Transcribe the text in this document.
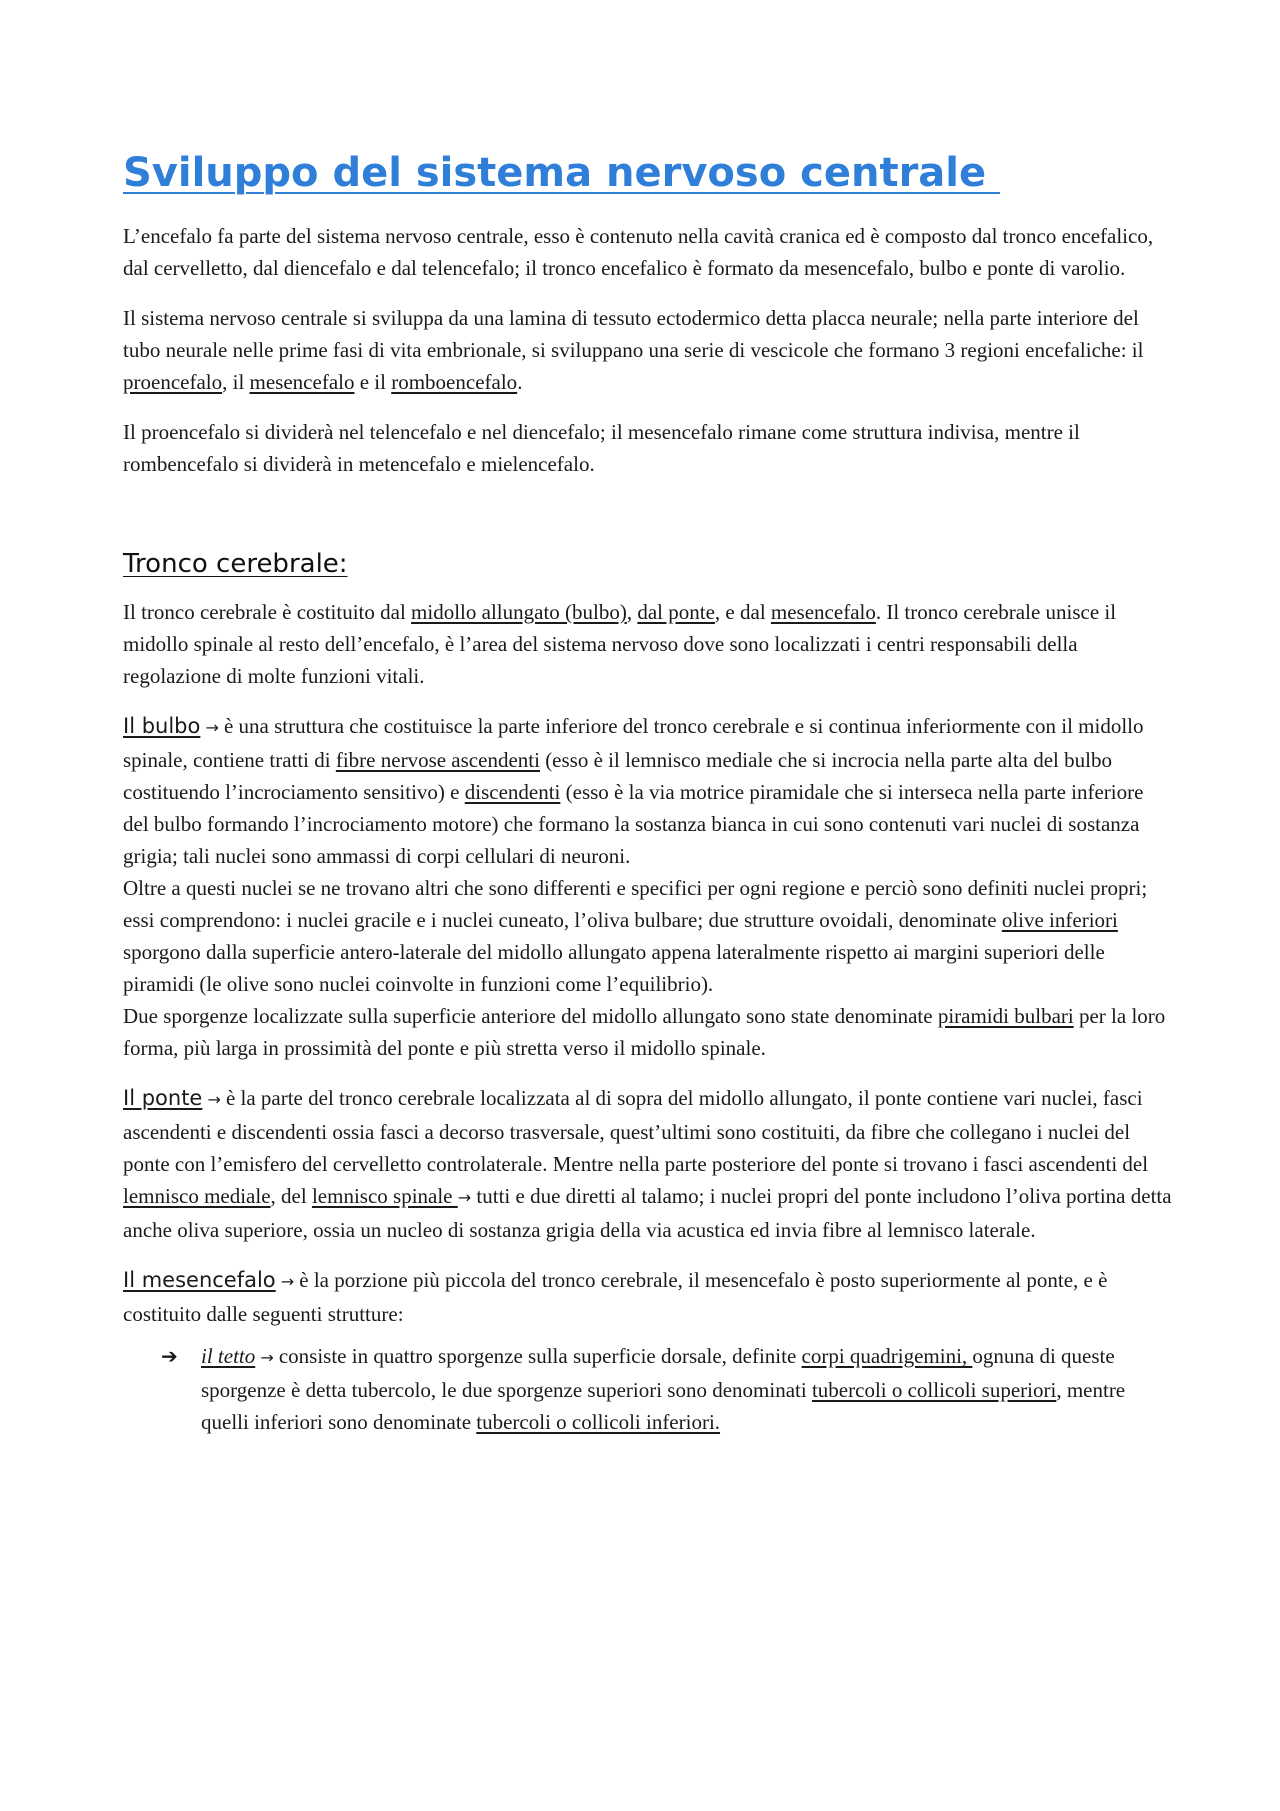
Sviluppo del sistema nervoso centrale

L’encefalo fa parte del sistema nervoso centrale, esso è contenuto nella cavità cranica ed è composto dal tronco encefalico, dal cervelletto, dal diencefalo e dal telencefalo; il tronco encefalico è formato da mesencefalo, bulbo e ponte di varolio.

Il sistema nervoso centrale si sviluppa da una lamina di tessuto ectodermico detta placca neurale; nella parte interiore del tubo neurale nelle prime fasi di vita embrionale, si sviluppano una serie di vescicole che formano 3 regioni encefaliche: il proencefalo, il mesencefalo e il romboencefalo.

Il proencefalo si dividerà nel telencefalo e nel diencefalo; il mesencefalo rimane come struttura indivisa, mentre il rombencefalo si dividerà in metencefalo e mielencefalo.

Tronco cerebrale:

Il tronco cerebrale è costituito dal midollo allungato (bulbo), dal ponte, e dal mesencefalo. Il tronco cerebrale unisce il midollo spinale al resto dell’encefalo, è l’area del sistema nervoso dove sono localizzati i centri responsabili della regolazione di molte funzioni vitali.

Il bulbo → è una struttura che costituisce la parte inferiore del tronco cerebrale e si continua inferiormente con il midollo spinale, contiene tratti di fibre nervose ascendenti (esso è il lemnisco mediale che si incrocia nella parte alta del bulbo costituendo l’incrociamento sensitivo) e discendenti (esso è la via motrice piramidale che si interseca nella parte inferiore del bulbo formando l’incrociamento motore) che formano la sostanza bianca in cui sono contenuti vari nuclei di sostanza grigia; tali nuclei sono ammassi di corpi cellulari di neuroni.

Oltre a questi nuclei se ne trovano altri che sono differenti e specifici per ogni regione e perciò sono definiti nuclei propri; essi comprendono: i nuclei gracile e i nuclei cuneato, l’oliva bulbare; due strutture ovoidali, denominate olive inferiori sporgono dalla superficie antero-laterale del midollo allungato appena lateralmente rispetto ai margini superiori delle piramidi (le olive sono nuclei coinvolte in funzioni come l’equilibrio).

Due sporgenze localizzate sulla superficie anteriore del midollo allungato sono state denominate piramidi bulbari per la loro forma, più larga in prossimità del ponte e più stretta verso il midollo spinale.

Il ponte → è la parte del tronco cerebrale localizzata al di sopra del midollo allungato, il ponte contiene vari nuclei, fasci ascendenti e discendenti ossia fasci a decorso trasversale, quest’ultimi sono costituiti, da fibre che collegano i nuclei del ponte con l’emisfero del cervelletto controlaterale. Mentre nella parte posteriore del ponte si trovano i fasci ascendenti del lemnisco mediale, del lemnisco spinale → tutti e due diretti al talamo; i nuclei propri del ponte includono l’oliva portina detta anche oliva superiore, ossia un nucleo di sostanza grigia della via acustica ed invia fibre al lemnisco laterale.

Il mesencefalo → è la porzione più piccola del tronco cerebrale, il mesencefalo è posto superiormente al ponte, e è costituito dalle seguenti strutture:

➔ il tetto → consiste in quattro sporgenze sulla superficie dorsale, definite corpi quadrigemini, ognuna di queste sporgenze è detta tubercolo, le due sporgenze superiori sono denominati tubercoli o collicoli superiori, mentre quelli inferiori sono denominate tubercoli o collicoli inferiori.
